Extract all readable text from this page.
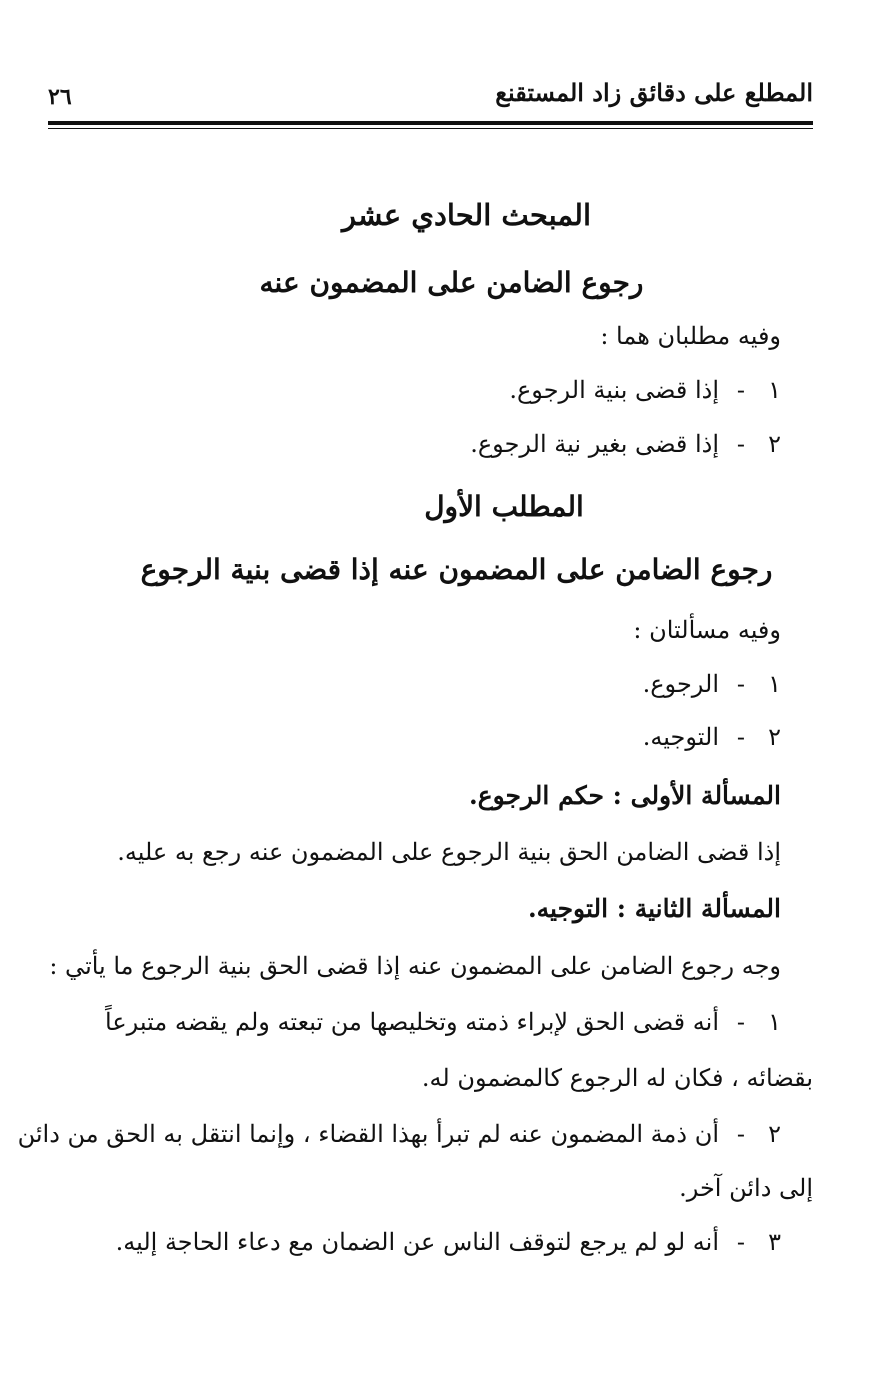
المطلع على دقائق زاد المستقنع
٢٦
المبحث الحادي عشر
رجوع الضامن على المضمون عنه
وفيه مطلبان هما :
١-إذا قضى بنية الرجوع.
٢-إذا قضى بغير نية الرجوع.
المطلب الأول
رجوع الضامن على المضمون عنه إذا قضى بنية الرجوع
وفيه مسألتان :
١-الرجوع.
٢-التوجيه.
المسألة الأولى : حكم الرجوع.
إذا قضى الضامن الحق بنية الرجوع على المضمون عنه رجع به عليه.
المسألة الثانية : التوجيه.
وجه رجوع الضامن على المضمون عنه إذا قضى الحق بنية الرجوع ما يأتي :
١-أنه قضى الحق لإبراء ذمته وتخليصها من تبعته ولم يقضه متبرعاً
بقضائه ، فكان له الرجوع كالمضمون له.
٢-أن ذمة المضمون عنه لم تبرأ بهذا القضاء ، وإنما انتقل به الحق من دائن
إلى دائن آخر.
٣-أنه لو لم يرجع لتوقف الناس عن الضمان مع دعاء الحاجة إليه.
